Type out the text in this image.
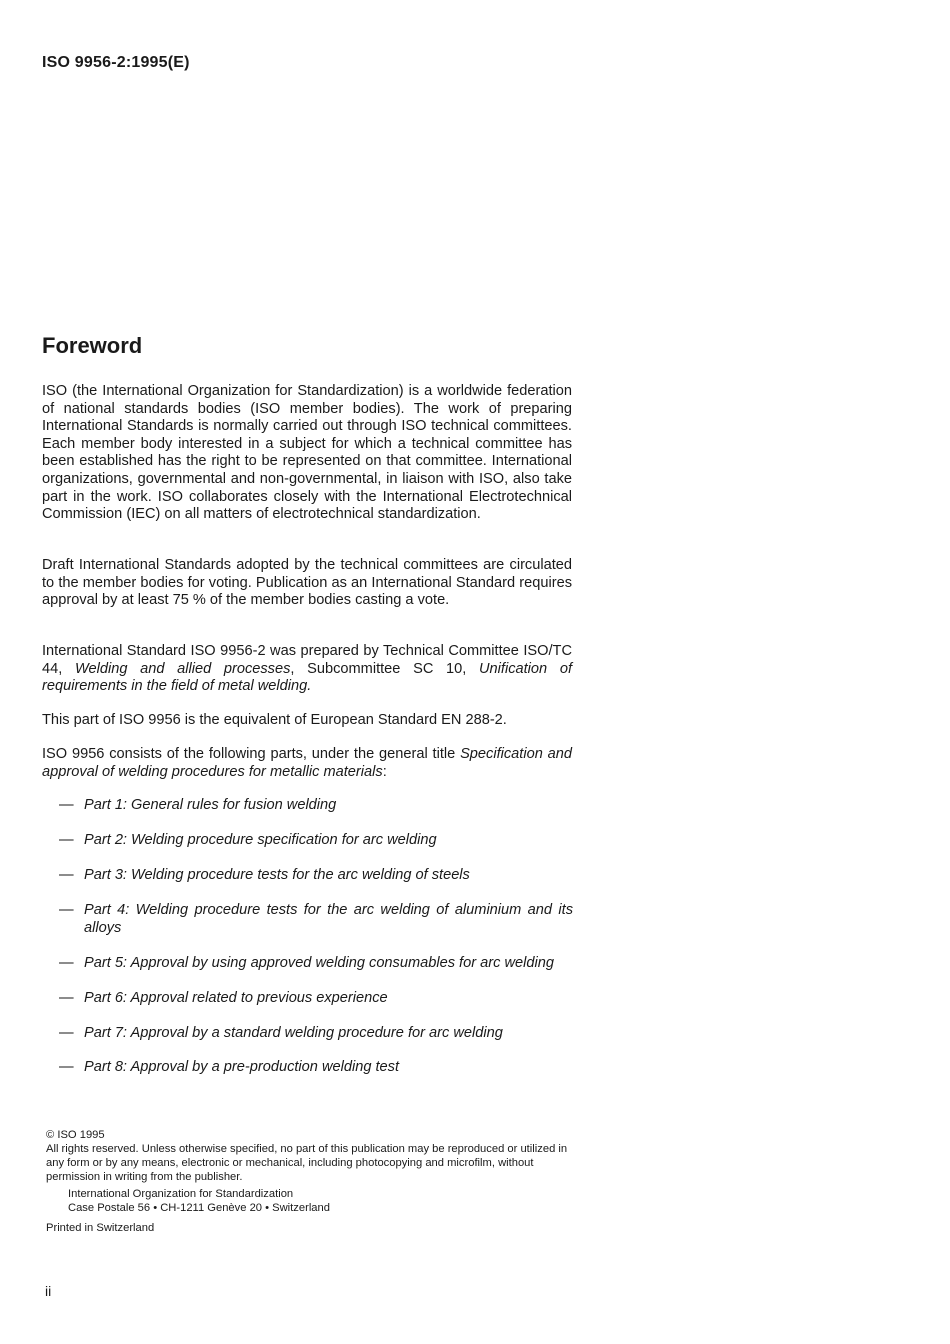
ISO 9956-2:1995(E)
Foreword

ISO (the International Organization for Standardization) is a worldwide federation of national standards bodies (ISO member bodies). The work of preparing International Standards is normally carried out through ISO technical committees. Each member body interested in a subject for which a technical committee has been established has the right to be represented on that committee. International organizations, governmental and non-governmental, in liaison with ISO, also take part in the work. ISO collaborates closely with the International Electrotechnical Commission (IEC) on all matters of electrotechnical standardization.

Draft International Standards adopted by the technical committees are circulated to the member bodies for voting. Publication as an International Standard requires approval by at least 75 % of the member bodies casting a vote.

International Standard ISO 9956-2 was prepared by Technical Committee ISO/TC 44, Welding and allied processes, Subcommittee SC 10, Unification of requirements in the field of metal welding.

This part of ISO 9956 is the equivalent of European Standard EN 288-2.

ISO 9956 consists of the following parts, under the general title Specification and approval of welding procedures for metallic materials:

— Part 1: General rules for fusion welding
— Part 2: Welding procedure specification for arc welding
— Part 3: Welding procedure tests for the arc welding of steels
— Part 4: Welding procedure tests for the arc welding of aluminium and its alloys
— Part 5: Approval by using approved welding consumables for arc welding
— Part 6: Approval related to previous experience
— Part 7: Approval by a standard welding procedure for arc welding
— Part 8: Approval by a pre-production welding test
© ISO 1995
All rights reserved. Unless otherwise specified, no part of this publication may be reproduced or utilized in any form or by any means, electronic or mechanical, including photocopying and microfilm, without permission in writing from the publisher.
International Organization for Standardization
Case Postale 56 • CH-1211 Genève 20 • Switzerland
Printed in Switzerland
ii
